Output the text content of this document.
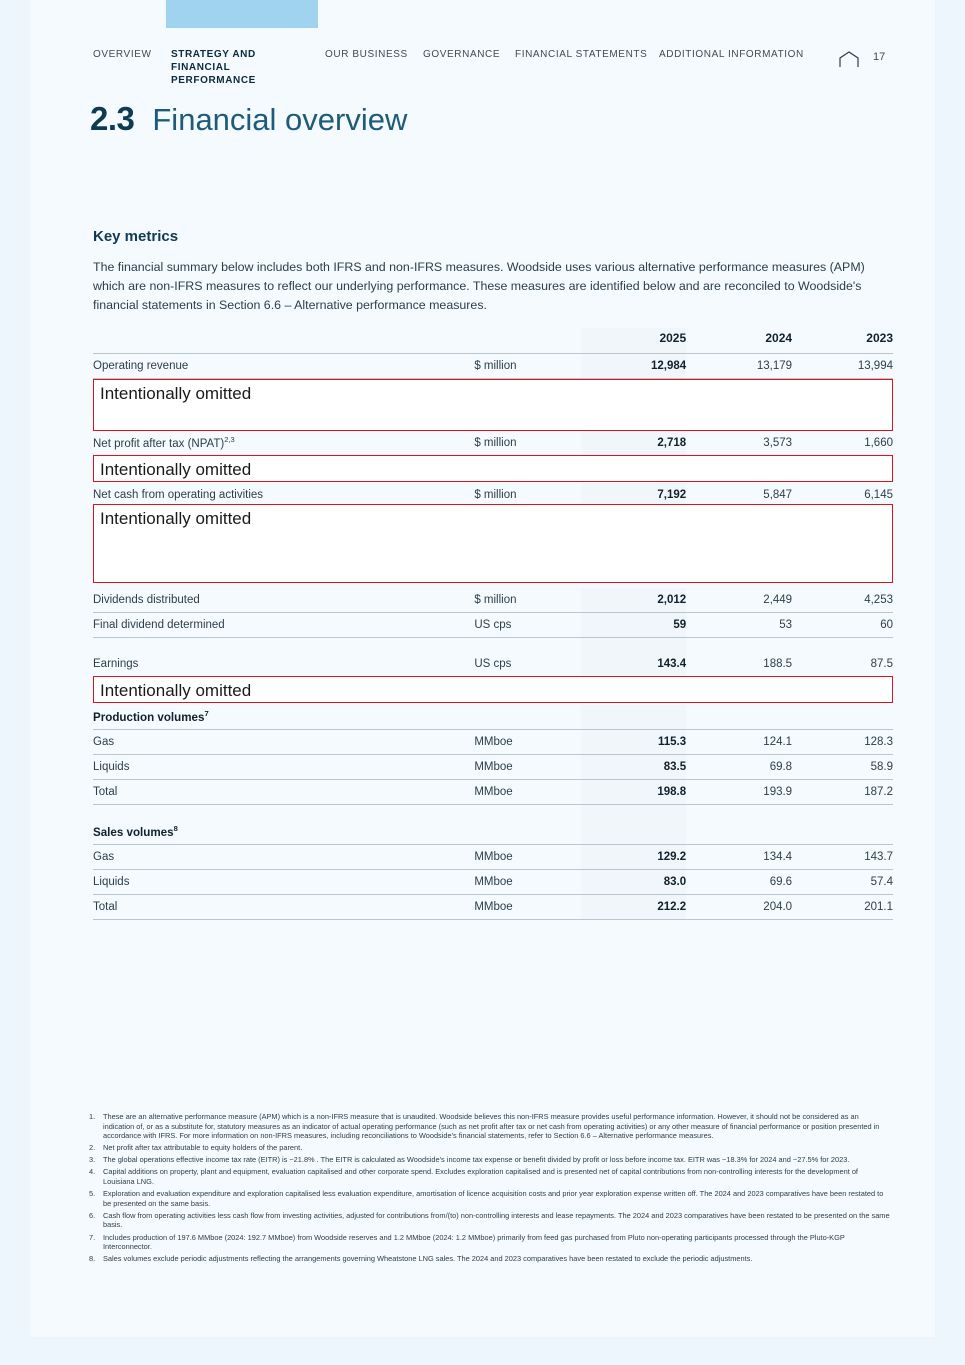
OVERVIEW	STRATEGY AND FINANCIAL PERFORMANCE
OUR BUSINESS	GOVERNANCE	FINANCIAL STATEMENTS	ADDITIONAL INFORMATION	17
2.3 Financial overview
Key metrics
The financial summary below includes both IFRS and non-IFRS measures. Woodside uses various alternative performance measures (APM) which are non-IFRS measures to reflect our underlying performance. These measures are identified below and are reconciled to Woodside's financial statements in Section 6.6 – Alternative performance measures.
		2025	2024	2023
Operating revenue	$ million	12,984	13,179	13,994

Net profit after tax (NPAT)$^{2,3}$	$ million	2,718	3,573	1,660

Net cash from operating activities	$ million	7,192	5,847	6,145

Dividends distributed	$ million	2,012	2,449	4,253
Final dividend determined	US cps	59	53	60

Earnings	US cps	143.4	188.5	87.5

Production volumes$^7$				
Gas	MMboe	115.3	124.1	128.3
Liquids	MMboe	83.5	69.8	58.9
Total	MMboe	198.8	193.9	187.2

Sales volumes$^8$				
Gas	MMboe	129.2	134.4	143.7
Liquids	MMboe	83.0	69.6	57.4
Total	MMboe	212.2	204.0	201.1
Intentionally omitted
Intentionally omitted
Intentionally omitted
Intentionally omitted
1.	These are an alternative performance measure (APM) which is a non-IFRS measure that is unaudited. Woodside believes this non-IFRS measure provides useful performance information. However, it should not be considered as an indication of, or as a substitute for, statutory measures as an indicator of actual operating performance (such as net profit after tax or net cash from operating activities) or any other measure of financial performance or position presented in accordance with IFRS. For more information on non-IFRS measures, including reconciliations to Woodside's financial statements, refer to Section 6.6 – Alternative performance measures.
2.	Net profit after tax attributable to equity holders of the parent.
3.	The global operations effective income tax rate (EITR) is ~21.8% . The EITR is calculated as Woodside's income tax expense or benefit divided by profit or loss before income tax. EITR was ~18.3% for 2024 and ~27.5% for 2023.
4.	Capital additions on property, plant and equipment, evaluation capitalised and other corporate spend. Excludes exploration capitalised and is presented net of capital contributions from non-controlling interests for the development of Louisiana LNG.
5.	Exploration and evaluation expenditure and exploration capitalised less evaluation expenditure, amortisation of licence acquisition costs and prior year exploration expense written off. The 2024 and 2023 comparatives have been restated to be presented on the same basis.
6.	Cash flow from operating activities less cash flow from investing activities, adjusted for contributions from/(to) non-controlling interests and lease repayments. The 2024 and 2023 comparatives have been restated to be presented on the same basis.
7.	Includes production of 197.6 MMboe (2024: 192.7 MMboe) from Woodside reserves and 1.2 MMboe (2024: 1.2 MMboe) primarily from feed gas purchased from Pluto non-operating participants processed through the Pluto-KGP Interconnector.
8.	Sales volumes exclude periodic adjustments reflecting the arrangements governing Wheatstone LNG sales. The 2024 and 2023 comparatives have been restated to exclude the periodic adjustments.
